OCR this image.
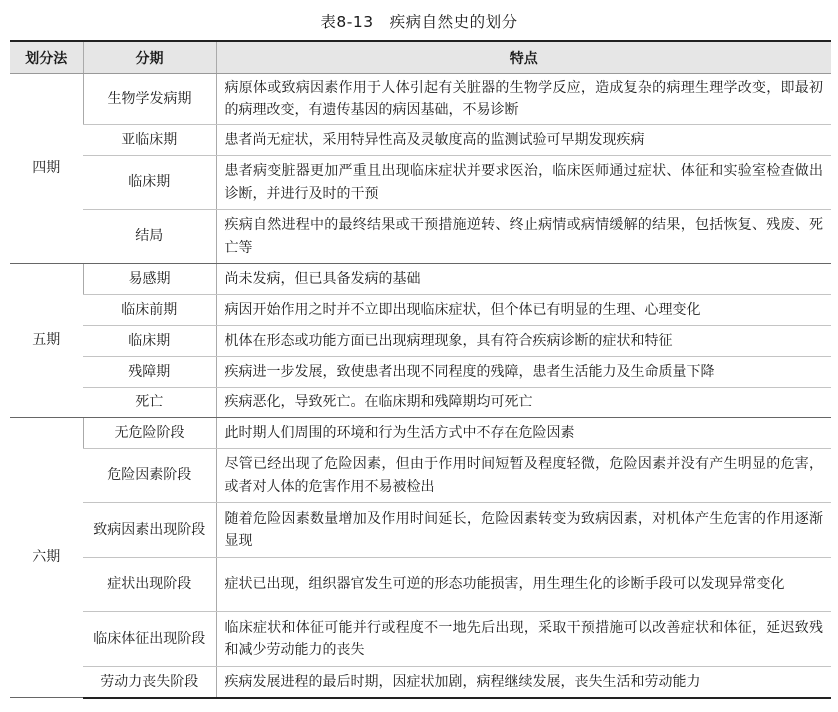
表8-13　疾病自然史的划分
划分法	分期	特点
四期	生物学发病期	病原体或致病因素作用于人体引起有关脏器的生物学反应，造成复杂的病理生理学改变，即最初的病理改变，有遗传基因的病因基础，不易诊断
	亚临床期	患者尚无症状，采用特异性高及灵敏度高的监测试验可早期发现疾病
	临床期	患者病变脏器更加严重且出现临床症状并要求医治，临床医师通过症状、体征和实验室检查做出诊断，并进行及时的干预
	结局	疾病自然进程中的最终结果或干预措施逆转、终止病情或病情缓解的结果，包括恢复、残废、死亡等
五期	易感期	尚未发病，但已具备发病的基础
	临床前期	病因开始作用之时并不立即出现临床症状，但个体已有明显的生理、心理变化
	临床期	机体在形态或功能方面已出现病理现象，具有符合疾病诊断的症状和特征
	残障期	疾病进一步发展，致使患者出现不同程度的残障，患者生活能力及生命质量下降
	死亡	疾病恶化，导致死亡。在临床期和残障期均可死亡
六期	无危险阶段	此时期人们周围的环境和行为生活方式中不存在危险因素
	危险因素阶段	尽管已经出现了危险因素，但由于作用时间短暂及程度轻微，危险因素并没有产生明显的危害，或者对人体的危害作用不易被检出
	致病因素出现阶段	随着危险因素数量增加及作用时间延长，危险因素转变为致病因素，对机体产生危害的作用逐渐显现
	症状出现阶段	症状已出现，组织器官发生可逆的形态功能损害，用生理生化的诊断手段可以发现异常变化
	临床体征出现阶段	临床症状和体征可能并行或程度不一地先后出现，采取干预措施可以改善症状和体征，延迟致残和减少劳动能力的丧失
	劳动力丧失阶段	疾病发展进程的最后时期，因症状加剧，病程继续发展，丧失生活和劳动能力
